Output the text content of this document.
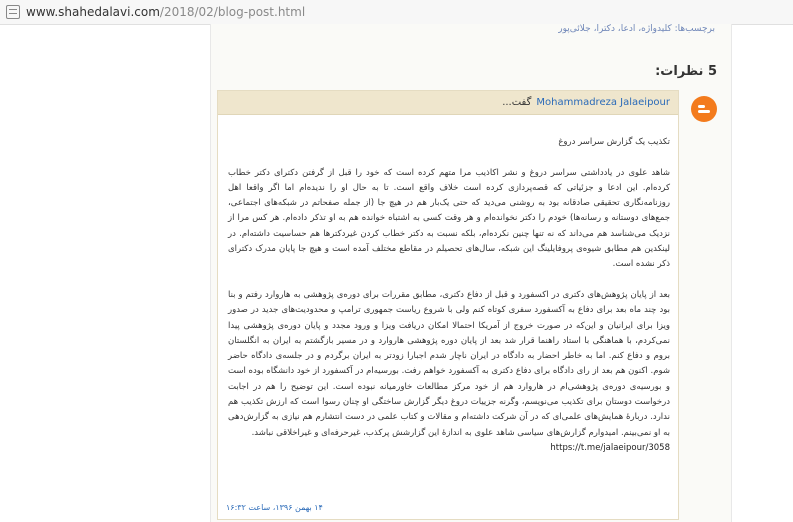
www.shahedalavi.com/2018/02/blog-post.html
برچسب‌ها: کلیدواژه، ادعا، دکترا، جلائی‌پور
5 نظرات:
گفت... Mohammadreza Jalaeipour

تکذیب یک گزارش سراسر دروغ

شاهد علوی در یادداشتی سراسر دروغ و نشر اکاذیب مرا متهم کرده است که خود را قبل از گرفتن دکترای دکتر خطاب کرده‌ام. این ادعا و جزئیاتی که قصه‌پردازی کرده است خلاف واقع است. تا به حال او را ندیده‌ام اما اگر واقعا اهل روزنامه‌نگاری تحقیقی صادقانه بود به روشنی می‌دید که حتی یک‌بار هم در هیچ جا (از جمله صفحاتم در شبکه‌های اجتماعی، جمع‌های دوستانه و رسانه‌ها) خودم را دکتر نخوانده‌ام و هر وقت کسی به اشتباه خوانده هم به او تذکر داده‌ام. هر کس مرا از نزدیک می‌شناسد هم می‌داند که نه تنها چنین نکرده‌ام، بلکه نسبت به دکتر خطاب کردن غیردکترها هم حساسیت داشته‌ام. در لینکدین هم مطابق شیوه‌ی پروفایلینگ این شبکه، سال‌های تحصیلم در مقاطع مختلف آمده است و هیچ جا پایان مدرک دکترای ذکر نشده است.

بعد از پایان پژوهش‌های دکتری در اکسفورد و قبل از دفاع دکتری، مطابق مقررات برای دوره‌ی پژوهشی به هاروارد رفتم و بنا بود چند ماه بعد برای دفاع به آکسفورد سفری کوتاه کنم ولی با شروع ریاست جمهوری ترامپ و محدودیت‌های جدید در صدور ویزا برای ایرانیان و این‌که در صورت خروج از آمریکا احتمالا امکان دریافت ویزا و ورود مجدد و پایان دوره‌ی پژوهشی پیدا نمی‌کردم، با هماهنگی با استاد راهنما قرار شد بعد از پایان دوره پژوهشی هاروارد و در مسیر بازگشتم به ایران به انگلستان بروم و دفاع کنم. اما به خاطر احضار به دادگاه در ایران ناچار شدم اجبارا زودتر به ایران برگردم و در جلسه‌ی دادگاه حاضر شوم. اکنون هم بعد از رای دادگاه برای دفاع دکتری به آکسفورد خواهم رفت. بورسیه‌ام در آکسفورد از خود دانشگاه بوده است و بورسیه‌ی دوره‌ی پژوهشی‌ام در هاروارد هم از خود مرکز مطالعات خاورمیانه نبوده است. این توضیح را هم در اجابت درخواست دوستان برای تکذیب می‌نویسم، وگرنه جزییات دروغ دیگر گزارش ساختگی او چنان رسوا است که ارزش تکذیب هم ندارد. دربارۀ همایش‌های علمی‌ای که در آن شرکت داشته‌ام و مقالات و کتاب علمی در دست انتشارم هم نیازی به گزارش‌دهی به او نمی‌بینم. امیدوارم گزارش‌های سیاسی شاهد علوی به اندازۀ این گزارشش پرکذب، غیرحرفه‌ای و غیراخلاقی نباشد.
https://t.me/jalaeipour/3058

۱۴ بهمن ۱۳۹۶، ساعت ۱۶:۳۲
